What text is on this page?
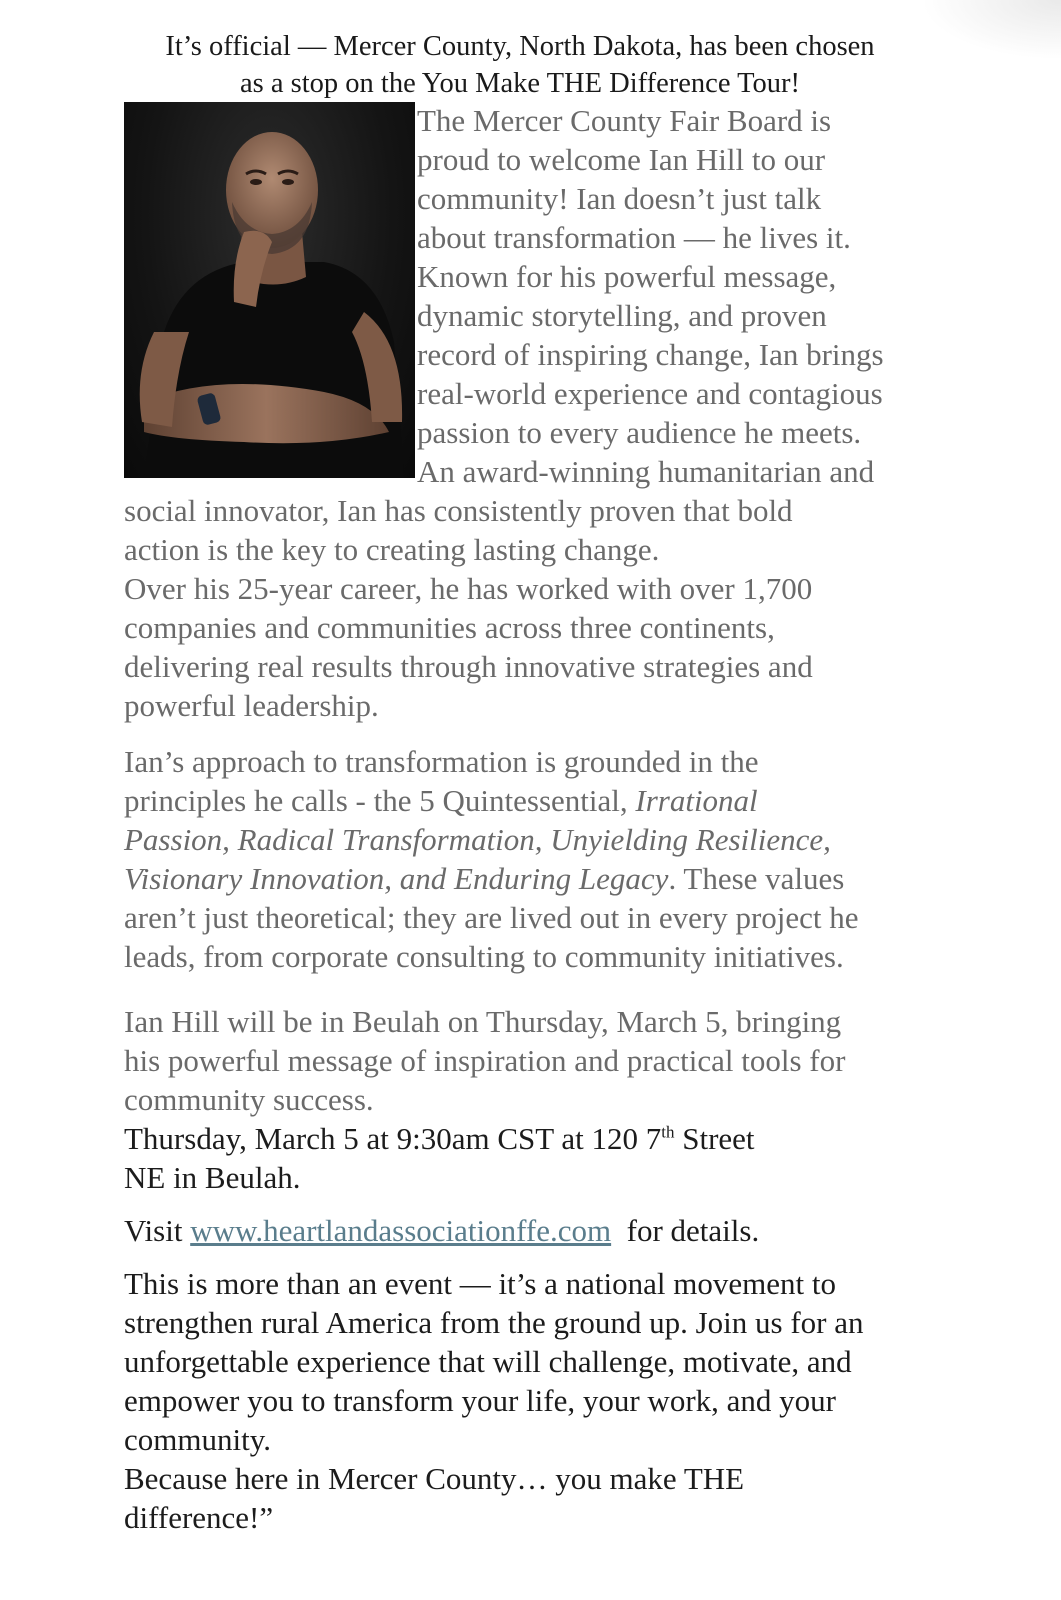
It’s official — Mercer County, North Dakota, has been chosen
as a stop on the You Make THE Difference Tour!
The Mercer County Fair Board is
proud to welcome Ian Hill to our
community! Ian doesn’t just talk
about transformation — he lives it.
Known for his powerful message,
dynamic storytelling, and proven
record of inspiring change, Ian brings
real-world experience and contagious
passion to every audience he meets.
An award-winning humanitarian and
social innovator, Ian has consistently proven that bold
action is the key to creating lasting change.
Over his 25-year career, he has worked with over 1,700
companies and communities across three continents,
delivering real results through innovative strategies and
powerful leadership.
Ian’s approach to transformation is grounded in the
principles he calls - the 5 Quintessential, Irrational
Passion, Radical Transformation, Unyielding Resilience,
Visionary Innovation, and Enduring Legacy. These values
aren’t just theoretical; they are lived out in every project he
leads, from corporate consulting to community initiatives.
Ian Hill will be in Beulah on Thursday, March 5, bringing
his powerful message of inspiration and practical tools for
community success.
Thursday, March 5 at 9:30am CST at 120 7th Street
NE in Beulah.
Visit www.heartlandassociationffe.com  for details.
This is more than an event — it’s a national movement to
strengthen rural America from the ground up. Join us for an
unforgettable experience that will challenge, motivate, and
empower you to transform your life, your work, and your
community.
Because here in Mercer County… you make THE
difference!”
